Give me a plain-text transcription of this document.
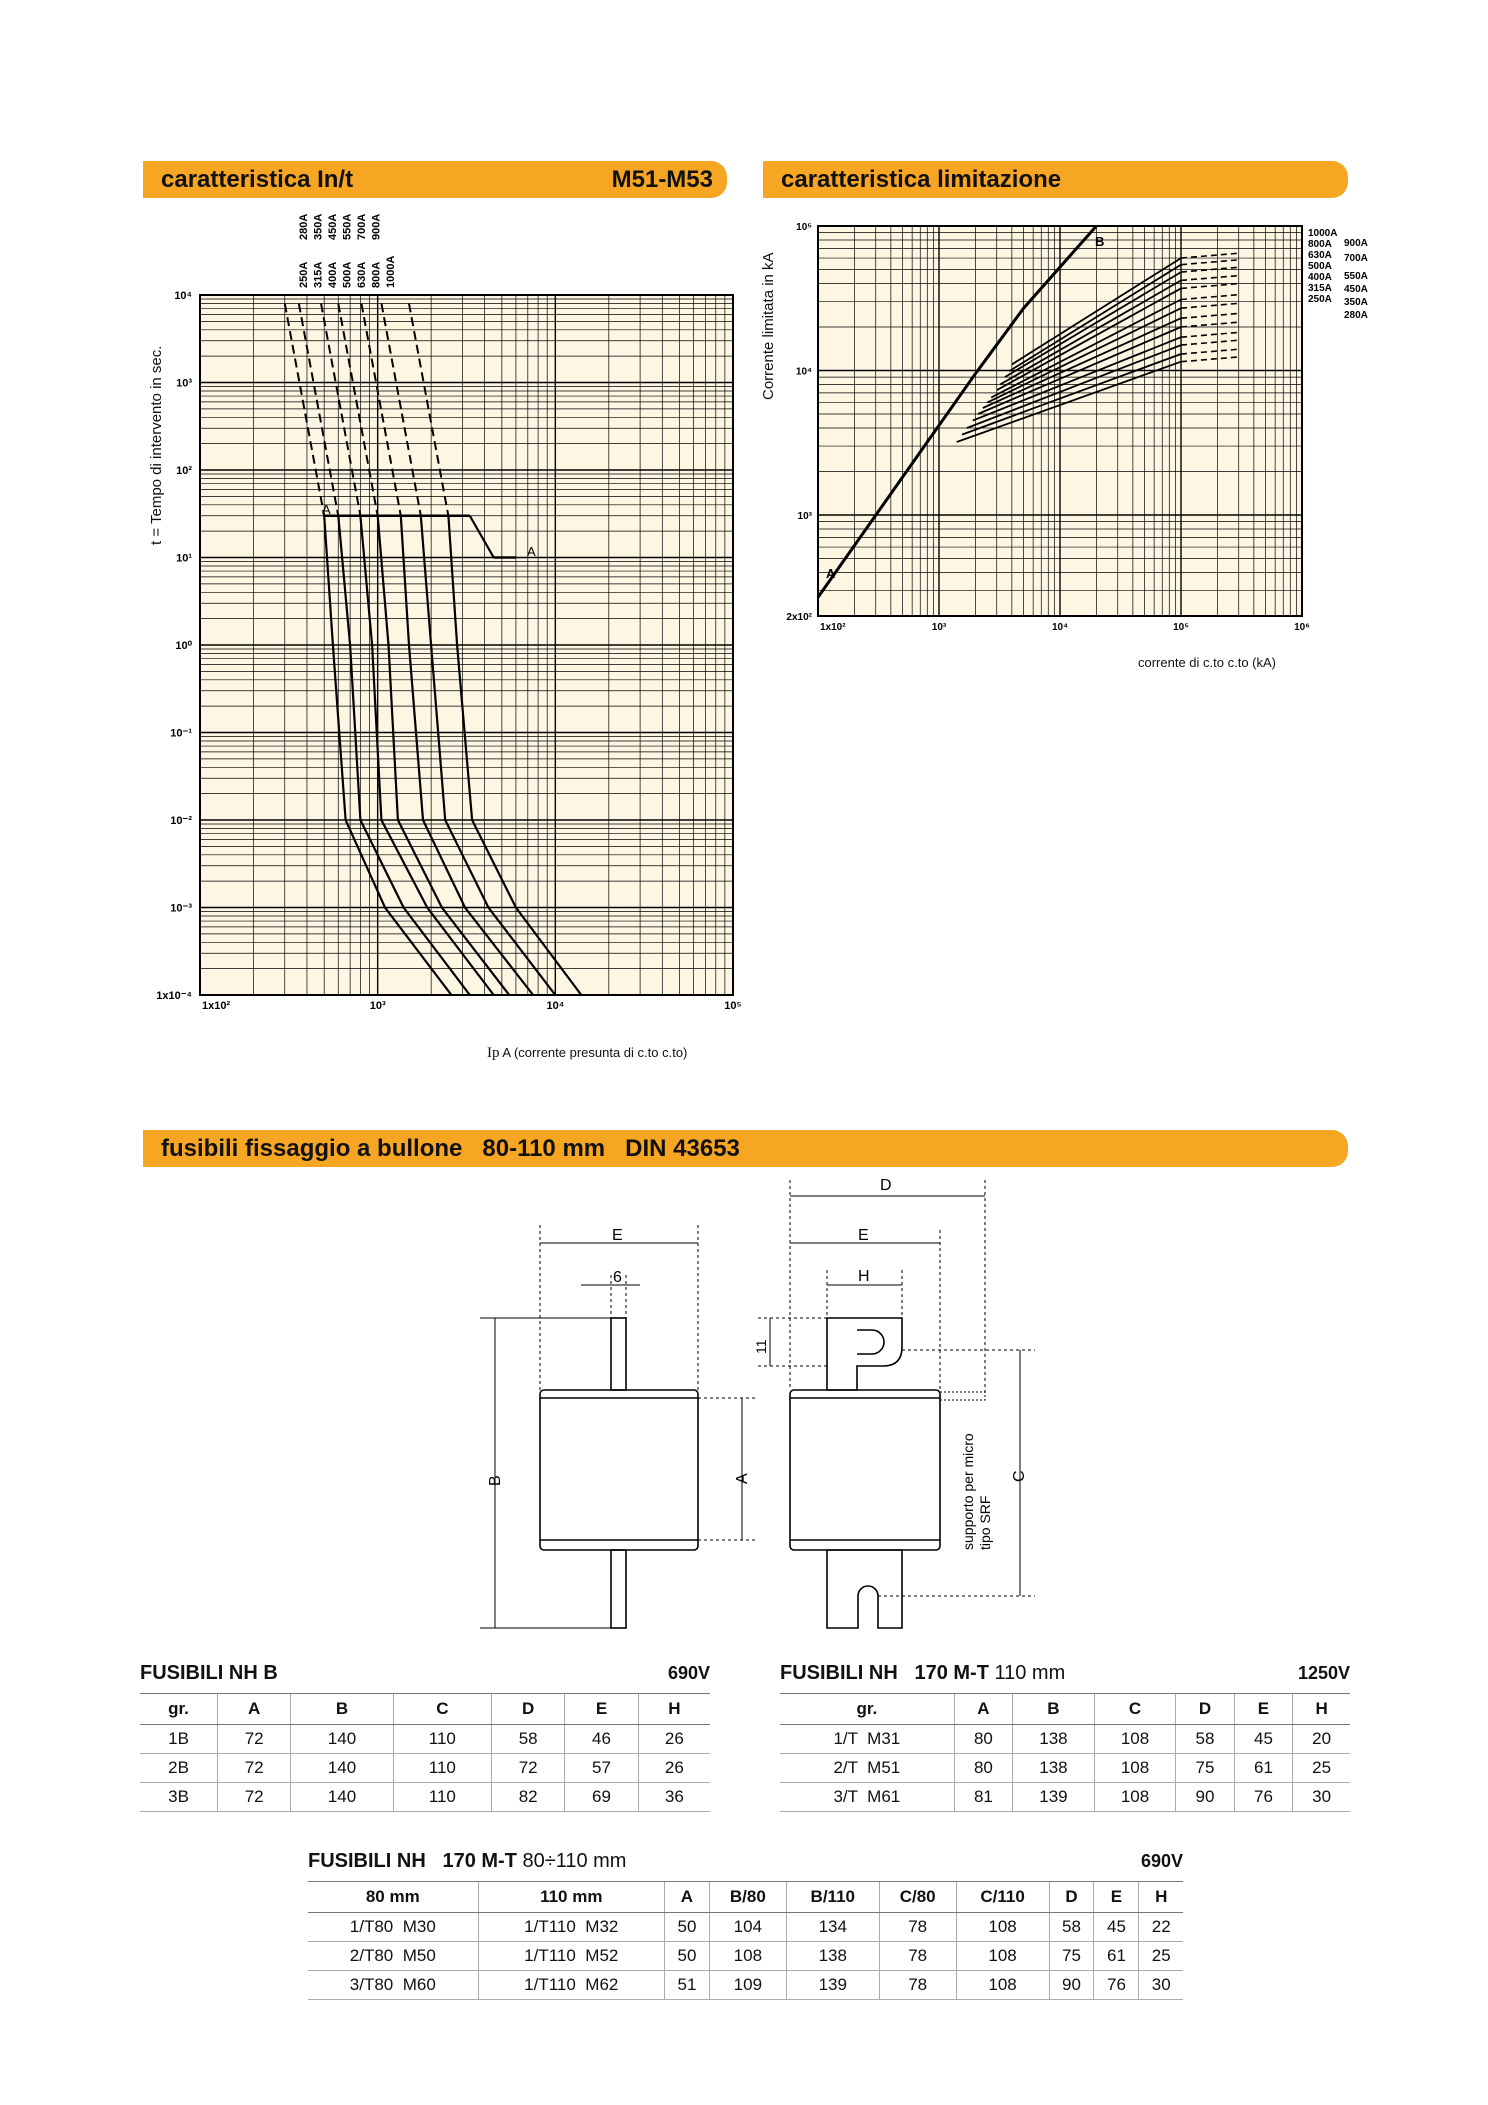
caratteristica In/t	M51-M53	caratteristica limitazione
fusibili fissaggio a bullone 80-110 mm DIN 43653
10⁴
10³
10²
10¹
10⁰
10⁻¹
10⁻²
10⁻³
1x10⁻⁴
1x10²	10³	10⁴	10⁵
250A
280A
315A
350A
400A
450A
500A
550A
630A
700A
800A
900A
1000A
A
A
10⁵
10⁴
10³
2x10²
1x10²	10³	10⁴	10⁵	10⁶
1000A
800A
630A
500A
400A
315A
250A
900A
700A
550A
450A
350A
280A
B
A
E
6
B	A
D
E
H
11
C
supporto per micro tipo SRF
t = Tempo di intervento in sec.
Ip A (corrente presunta di c.to c.to)
Corrente limitata in kA
corrente di c.to c.to (kA)
FUSIBILI NH B	690V
gr.	A	B	C	D	E	H
1B	72	140	110	58	46	26
2B	72	140	110	72	57	26
3B	72	140	110	82	69	36
FUSIBILI NH   170 M-T 110 mm	1250V
gr.	A	B	C	D	E	H
1/T  M31	80	138	108	58	45	20
2/T  M51	80	138	108	75	61	25
3/T  M61	81	139	108	90	76	30
FUSIBILI NH   170 M-T 80÷110 mm	690V
80 mm	110 mm	A	B/80	B/110	C/80	C/110	D	E	H
1/T80  M30	1/T110  M32	50	104	134	78	108	58	45	22
2/T80  M50	1/T110  M52	50	108	138	78	108	75	61	25
3/T80  M60	1/T110  M62	51	109	139	78	108	90	76	30
